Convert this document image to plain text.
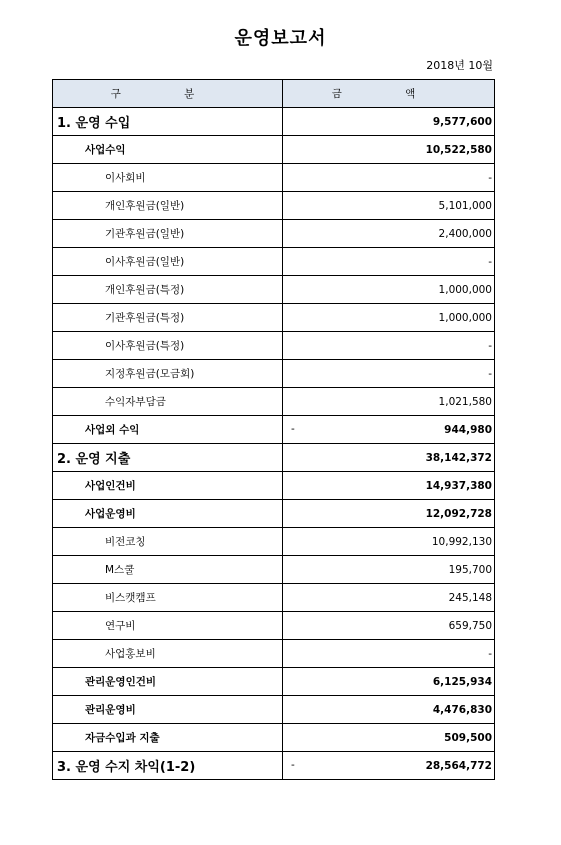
운영보고서
2018년 10월
구 분	금 액
1. 운영 수입	9,577,600
사업수익	10,522,580
이사회비	-
개인후원금(일반)	5,101,000
기관후원금(일반)	2,400,000
이사후원금(일반)	-
개인후원금(특정)	1,000,000
기관후원금(특정)	1,000,000
이사후원금(특정)	-
지정후원금(모금회)	-
수익자부담금	1,021,580
사업외 수익	- 944,980
2. 운영 지출	38,142,372
사업인건비	14,937,380
사업운영비	12,092,728
비전코칭	10,992,130
M스쿨	195,700
비스캣캠프	245,148
연구비	659,750
사업홍보비	-
관리운영인건비	6,125,934
관리운영비	4,476,830
자금수입과 지출	509,500
3. 운영 수지 차익(1-2)	- 28,564,772
